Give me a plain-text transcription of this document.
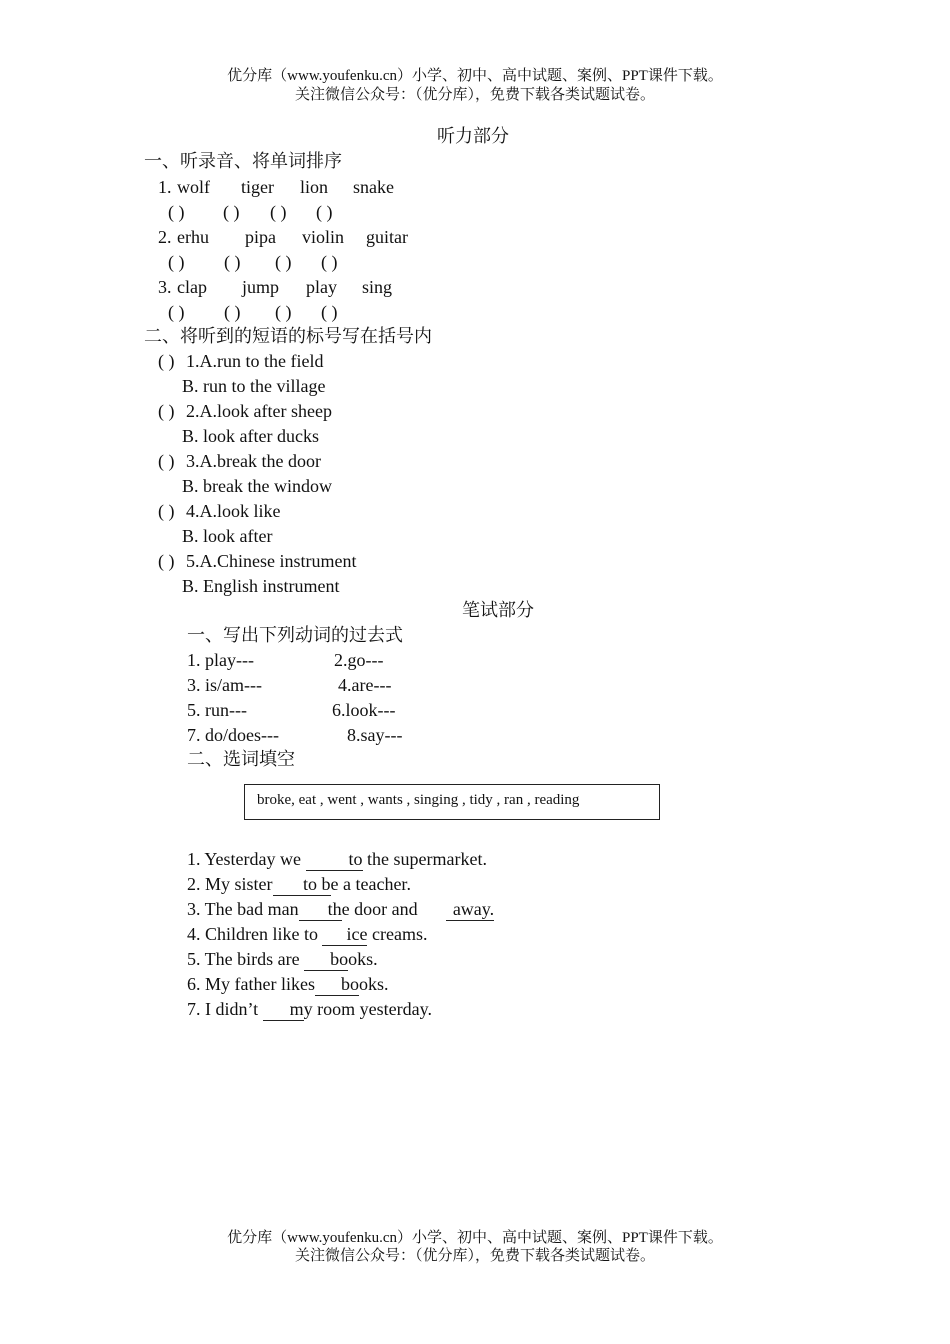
优分库（www.youfenku.cn）小学、初中、高中试题、案例、PPT课件下载。
关注微信公众号：（优分库），免费下载各类试题试卷。
听力部分
一、听录音、将单词排序
1. wolf tiger lion snake
( ) ( ) ( ) ( )
2. erhu pipa violin guitar
( ) ( ) ( ) ( )
3. clap jump play sing
( ) ( ) ( ) ( )
二、将听到的短语的标号写在括号内
( ) 1.A.run to the field
B. run to the village
( ) 2.A.look after sheep
B. look after ducks
( ) 3.A.break the door
B. break the window
( ) 4.A.look like
B. look after
( ) 5.A.Chinese instrument
B. English instrument
笔试部分
一、写出下列动词的过去式
1. play---	2.go---
3. is/am---	4.are---
5. run---	6.look---
7. do/does---	8.say---
二、选词填空
broke, eat , went , wants , singing , tidy , ran , reading
1. Yesterday we to the supermarket.
2. My sister to be a teacher.
3. The bad man the door and away.
4. Children like to ice creams.
5. The birds are books.
6. My father likes books.
7. I didn’t my room yesterday.
优分库（www.youfenku.cn）小学、初中、高中试题、案例、PPT课件下载。
关注微信公众号：（优分库），免费下载各类试题试卷。
